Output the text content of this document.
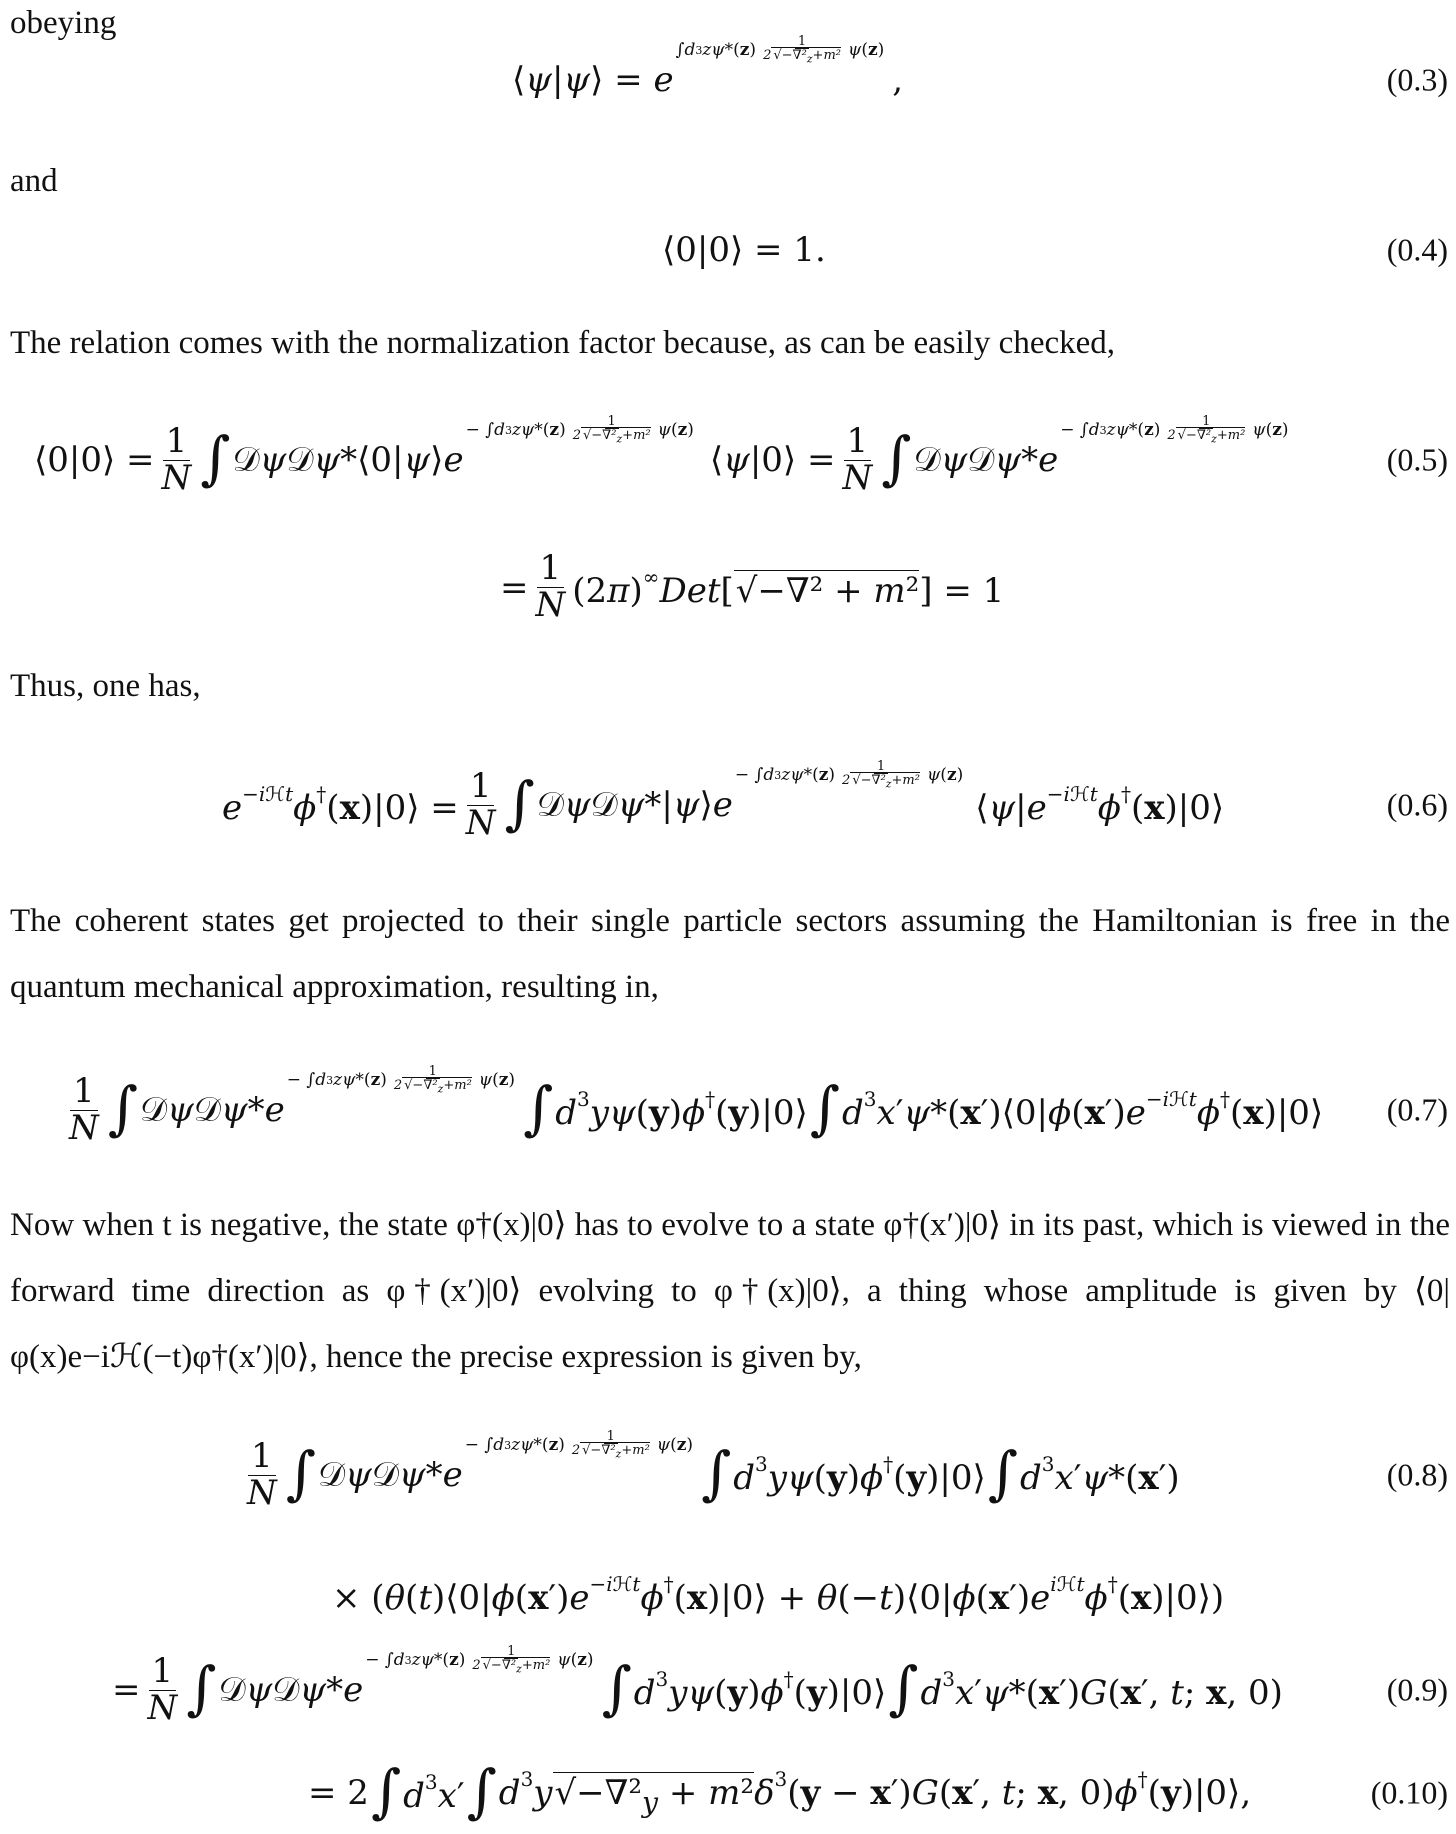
obeying
⟨ψ|ψ⟩ = e
∫ d 3 zψ *( z ) $\frac{1}{2 √-\nabla^2_z+m^2}$ ψ ( z )
,	(0.3)
and
⟨0|0⟩ = 1.	(0.4)
The relation comes with the normalization factor because, as can be easily checked,
⟨0|0⟩ = $\frac{1}{N}$ ∫ 𝒟ψ𝒟ψ*⟨0|ψ⟩e
− ∫ d 3 zψ *( z ) $\frac{1}{2 √-\nabla^2_z+m^2}$ ψ ( z )
⟨ψ|0⟩ = $\frac{1}{N}$ ∫ 𝒟ψ𝒟ψ*e
− ∫ d 3 zψ *( z ) $\frac{1}{2 √-\nabla^2_z+m^2}$ ψ ( z )
(0.5)
= $\frac{1}{N} (2\pi)^\infty Det[√-\nabla^2 + m^2] = 1$
Thus, one has,
$e^{-iℋt}\phi^\dagger(x)|0⟩ = \frac{1}{N}$ ∫ 𝒟ψ𝒟ψ*|ψ⟩e
− ∫ d 3 zψ *( z ) $\frac{1}{2 √-\nabla^2_z+m^2}$ ψ ( z )
$⟨\psi|e^{-iℋt}\phi^\dagger(x)|0⟩$	(0.6)
The coherent states get projected to their single particle sectors assuming the Hamiltonian is free in the quantum mechanical approximation, resulting in,
$\frac{1}{N}$ ∫ 𝒟ψ𝒟ψ*e
− ∫ d 3 zψ *( z ) $\frac{1}{2 √-\nabla^2_z+m^2}$ ψ ( z ) ∫ $d^3y\psi(y)\phi^\dagger(y)|0⟩$ ∫ $d^3x'\psi*(x')⟨0|\phi(x')e^{-iℋt}\phi^\dagger(x)|0⟩$ (0.7)
Now when t is negative, the state φ†(x)|0⟩ has to evolve to a state φ†(x′)|0⟩ in its past, which is viewed in the forward time direction as φ†(x′)|0⟩ evolving to φ†(x)|0⟩, a thing whose amplitude is given by ⟨0|φ(x)e−iℋ(−t)φ†(x′)|0⟩, hence the precise expression is given by,
$\frac{1}{N}$ ∫ 𝒟ψ𝒟ψ*e
− ∫ d 3 zψ *( z ) $\frac{1}{2 √-\nabla^2_z+m^2}$ ψ ( z ) ∫ $d^3y\psi(y)\phi^\dagger(y)|0⟩$ ∫ $d^3x'\psi*(x')$	(0.8)
× ($\theta(t)⟨0|\phi(x')e^{-iℋt}\phi^\dagger(x)|0⟩$ + $\theta(-t)⟨0|\phi(x')e^{iℋt}\phi^\dagger(x)|0⟩$)
= $\frac{1}{N}$ ∫ 𝒟ψ𝒟ψ*e
− ∫ d 3 zψ *( z ) $\frac{1}{2 √-\nabla^2_z+m^2}$ ψ ( z ) ∫ $d^3y\psi(y)\phi^\dagger(y)|0⟩$ ∫ $d^3x'\psi*(x')G(x'$, t; x, 0)	(0.9)
= 2 ∫ $d^3x'$ ∫ $d^3y√-\nabla^2_y + m^2\delta^3(y - x')G(x'$, t; x, 0)ϕ†(y)|0⟩,	(0.10)
